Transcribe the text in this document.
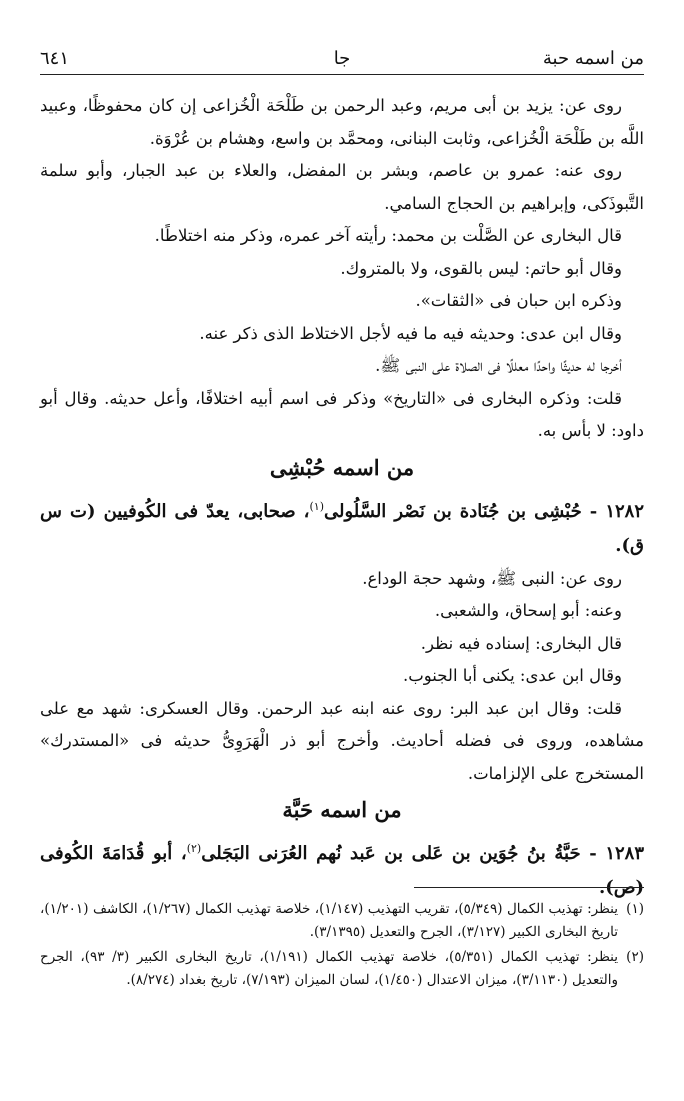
من اسمه حبة
جا
٦٤١

روى عن: يزيد بن أبى مريم، وعبد الرحمن بن طَلْحَة الْخُزاعى إن كان محفوظًا، وعبيد اللَّه بن طَلْحَة الْخُزاعى، وثابت البنانى، ومحمَّد بن واسع، وهشام بن عُرْوَة.

روى عنه: عمرو بن عاصم، وبشر بن المفضل، والعلاء بن عبد الجبار، وأبو سلمة التَّبوذَكى، وإبراهيم بن الحجاج السامي.

قال البخارى عن الصَّلْت بن محمد: رأيته آخر عمره، وذكر منه اختلاطًا.

وقال أبو حاتم: ليس بالقوى، ولا بالمتروك.

وذكره ابن حبان فى «الثقات».

وقال ابن عدى: وحديثه فيه ما فيه لأجل الاختلاط الذى ذكر عنه.

أخرجا له حديثًا واحدًا معللًا فى الصلاة على النبى ﷺ.

قلت: وذكره البخارى فى «التاريخ» وذكر فى اسم أبيه اختلافًا، وأعل حديثه. وقال أبو داود: لا بأس به.

من اسمه حُبْشِى

١٢٨٢ - حُبْشِى بن جُنَادة بن نَصْر السَّلُولى$^{(١)}$، صحابى، يعدّ فى الكُوفيين (ت س ق).

روى عن: النبى ﷺ، وشهد حجة الوداع.

وعنه: أبو إسحاق، والشعبى.

قال البخارى: إسناده فيه نظر.

وقال ابن عدى: يكنى أبا الجنوب.

قلت: وقال ابن عبد البر: روى عنه ابنه عبد الرحمن. وقال العسكرى: شهد مع على مشاهده، وروى فى فضله أحاديث. وأخرج أبو ذر الْهَرَوِىُّ حديثه فى «المستدرك» المستخرج على الإلزامات.

من اسمه حَبَّة

١٢٨٣ - حَبَّةُ بنُ جُوَين بن عَلى بن عَبد نُهم العُرَنى البَجَلى$^{(٢)}$، أبو قُدَامَةَ الكُوفى (ص).

(١)
ينظر: تهذيب الكمال (٥/٣٤٩)، تقريب التهذيب (١/١٤٧)، خلاصة تهذيب الكمال (١/٢٦٧)، الكاشف (١/٢٠١)، تاريخ البخارى الكبير (٣/١٢٧)، الجرح والتعديل (٣/١٣٩٥).

(٢)
ينظر: تهذيب الكمال (٥/٣٥١)، خلاصة تهذيب الكمال (١/١٩١)، تاريخ البخارى الكبير (٣/ ٩٣)، الجرح والتعديل (٣/١١٣٠)، ميزان الاعتدال (١/٤٥٠)، لسان الميزان (٧/١٩٣)، تاريخ بغداد (٨/٢٧٤).
